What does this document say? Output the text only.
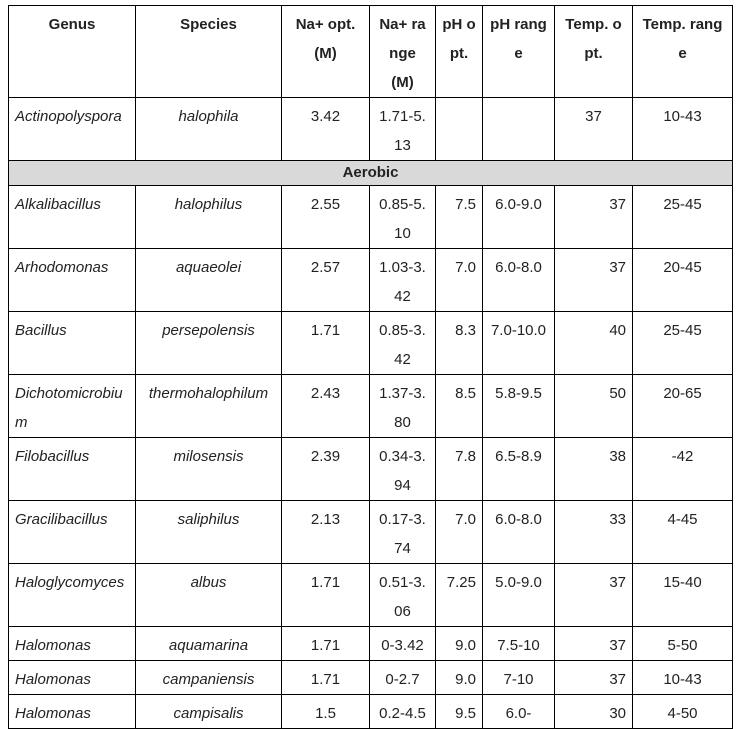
Genus	Species	Na+ opt. (M)	Na+ range (M)	pH opt.	pH range	Temp. opt.	Temp. range
Actinopolyspora	halophila	3.42	1.71-5.13			37	10-43
Aerobic							
Alkalibacillus	halophilus	2.55	0.85-5.10	7.5	6.0-9.0	37	25-45
Arhodomonas	aquaeolei	2.57	1.03-3.42	7.0	6.0-8.0	37	20-45
Bacillus	persepolensis	1.71	0.85-3.42	8.3	7.0-10.0	40	25-45
Dichotomicrobium	thermohalophilum	2.43	1.37-3.80	8.5	5.8-9.5	50	20-65
Filobacillus	milosensis	2.39	0.34-3.94	7.8	6.5-8.9	38	-42
Gracilibacillus	saliphilus	2.13	0.17-3.74	7.0	6.0-8.0	33	4-45
Haloglycomyces	albus	1.71	0.51-3.06	7.25	5.0-9.0	37	15-40
Halomonas	aquamarina	1.71	0-3.42	9.0	7.5-10	37	5-50
Halomonas	campaniensis	1.71	0-2.7	9.0	7-10	37	10-43
Halomonas	campisalis	1.5	0.2-4.5	9.5	6.0-	30	4-50
